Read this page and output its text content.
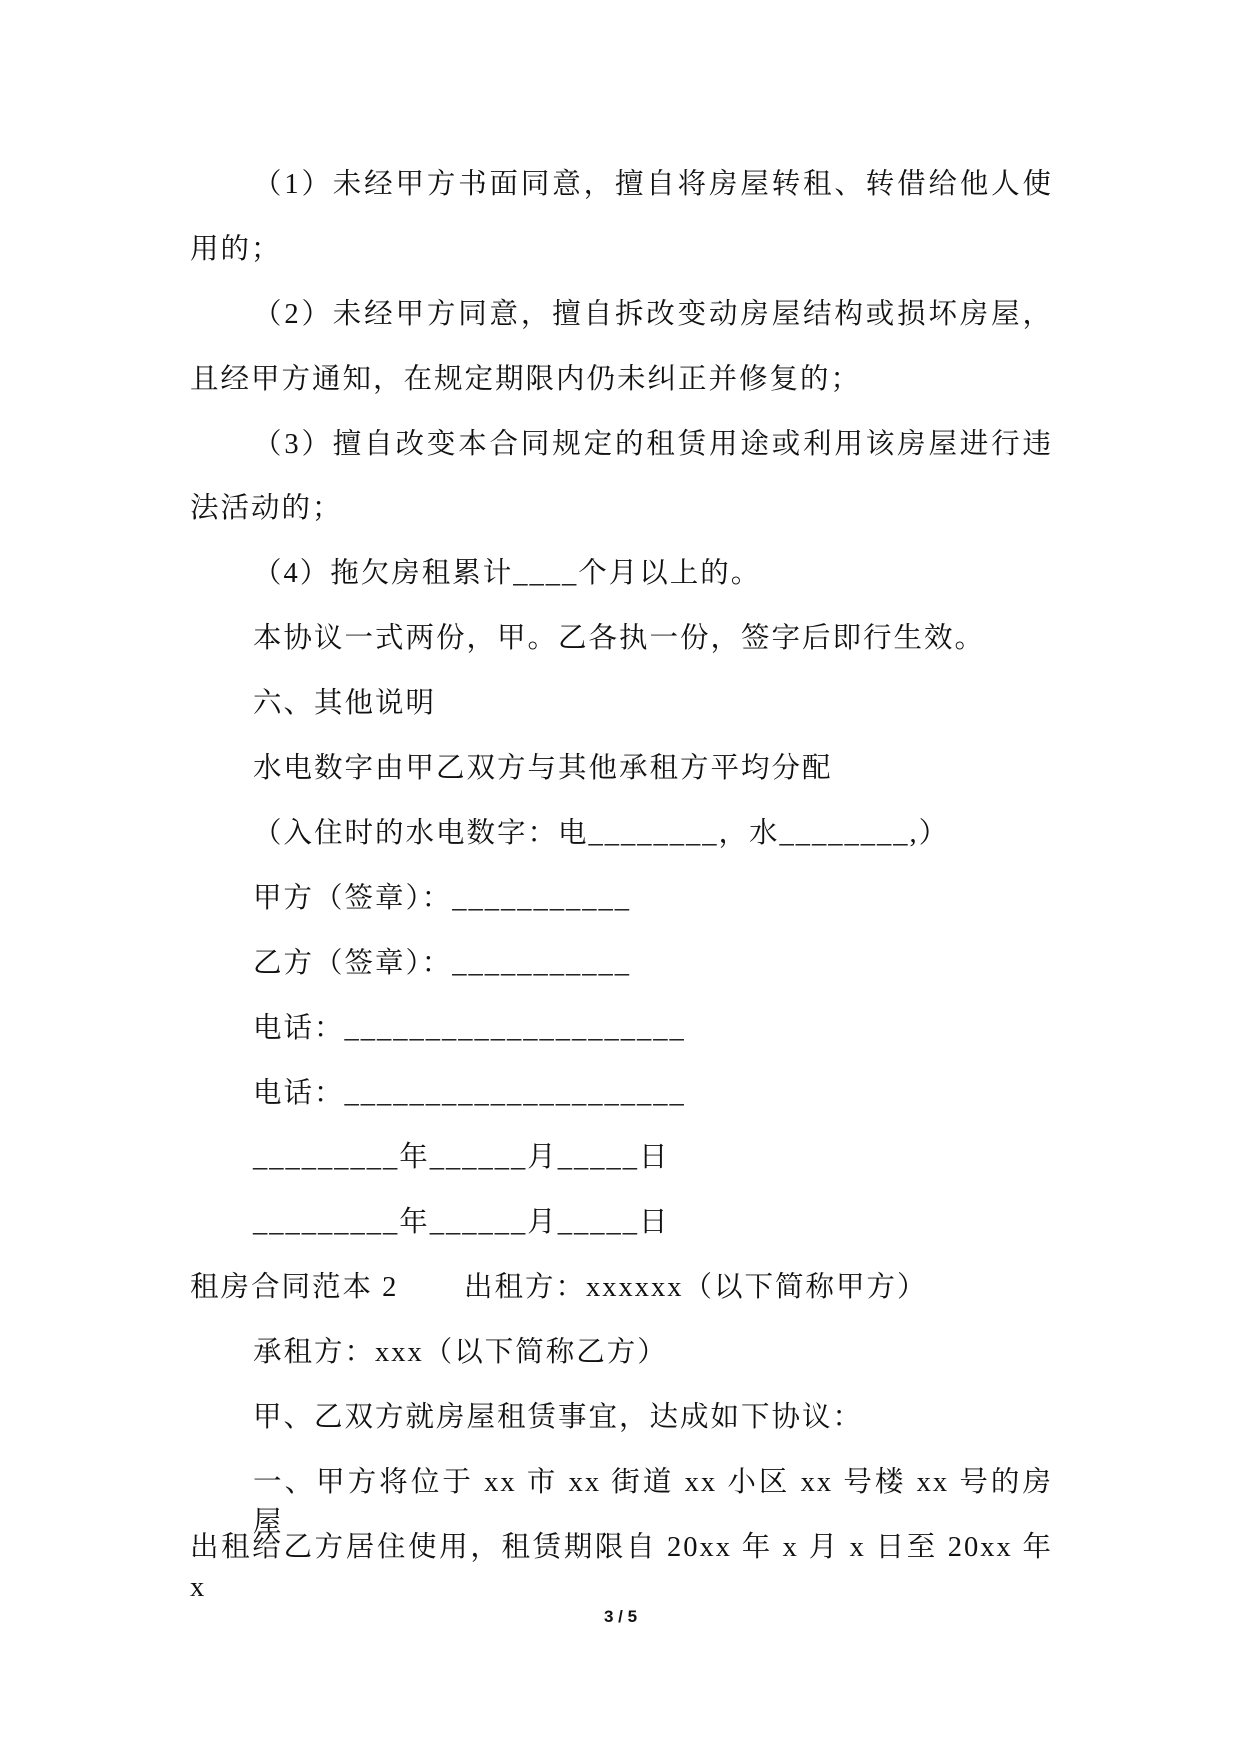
（1）未经甲方书面同意，擅自将房屋转租、转借给他人使
用的；
（2）未经甲方同意，擅自拆改变动房屋结构或损坏房屋，
且经甲方通知，在规定期限内仍未纠正并修复的；
（3）擅自改变本合同规定的租赁用途或利用该房屋进行违
法活动的；
（4）拖欠房租累计____个月以上的。
本协议一式两份，甲。乙各执一份，签字后即行生效。
六、其他说明
水电数字由甲乙双方与其他承租方平均分配
（入住时的水电数字：电________，水________,）
甲方（签章）：___________
乙方（签章）：___________
电话：_____________________
电话：_____________________
_________年______月_____日
_________年______月_____日
租房合同范本 2 出租方：xxxxxx（以下简称甲方）
承租方：xxx（以下简称乙方）
甲、乙双方就房屋租赁事宜，达成如下协议：
一、甲方将位于 xx 市 xx 街道 xx 小区 xx 号楼 xx 号的房屋
出租给乙方居住使用，租赁期限自 20xx 年 x 月 x 日至 20xx 年 x
3 / 5
